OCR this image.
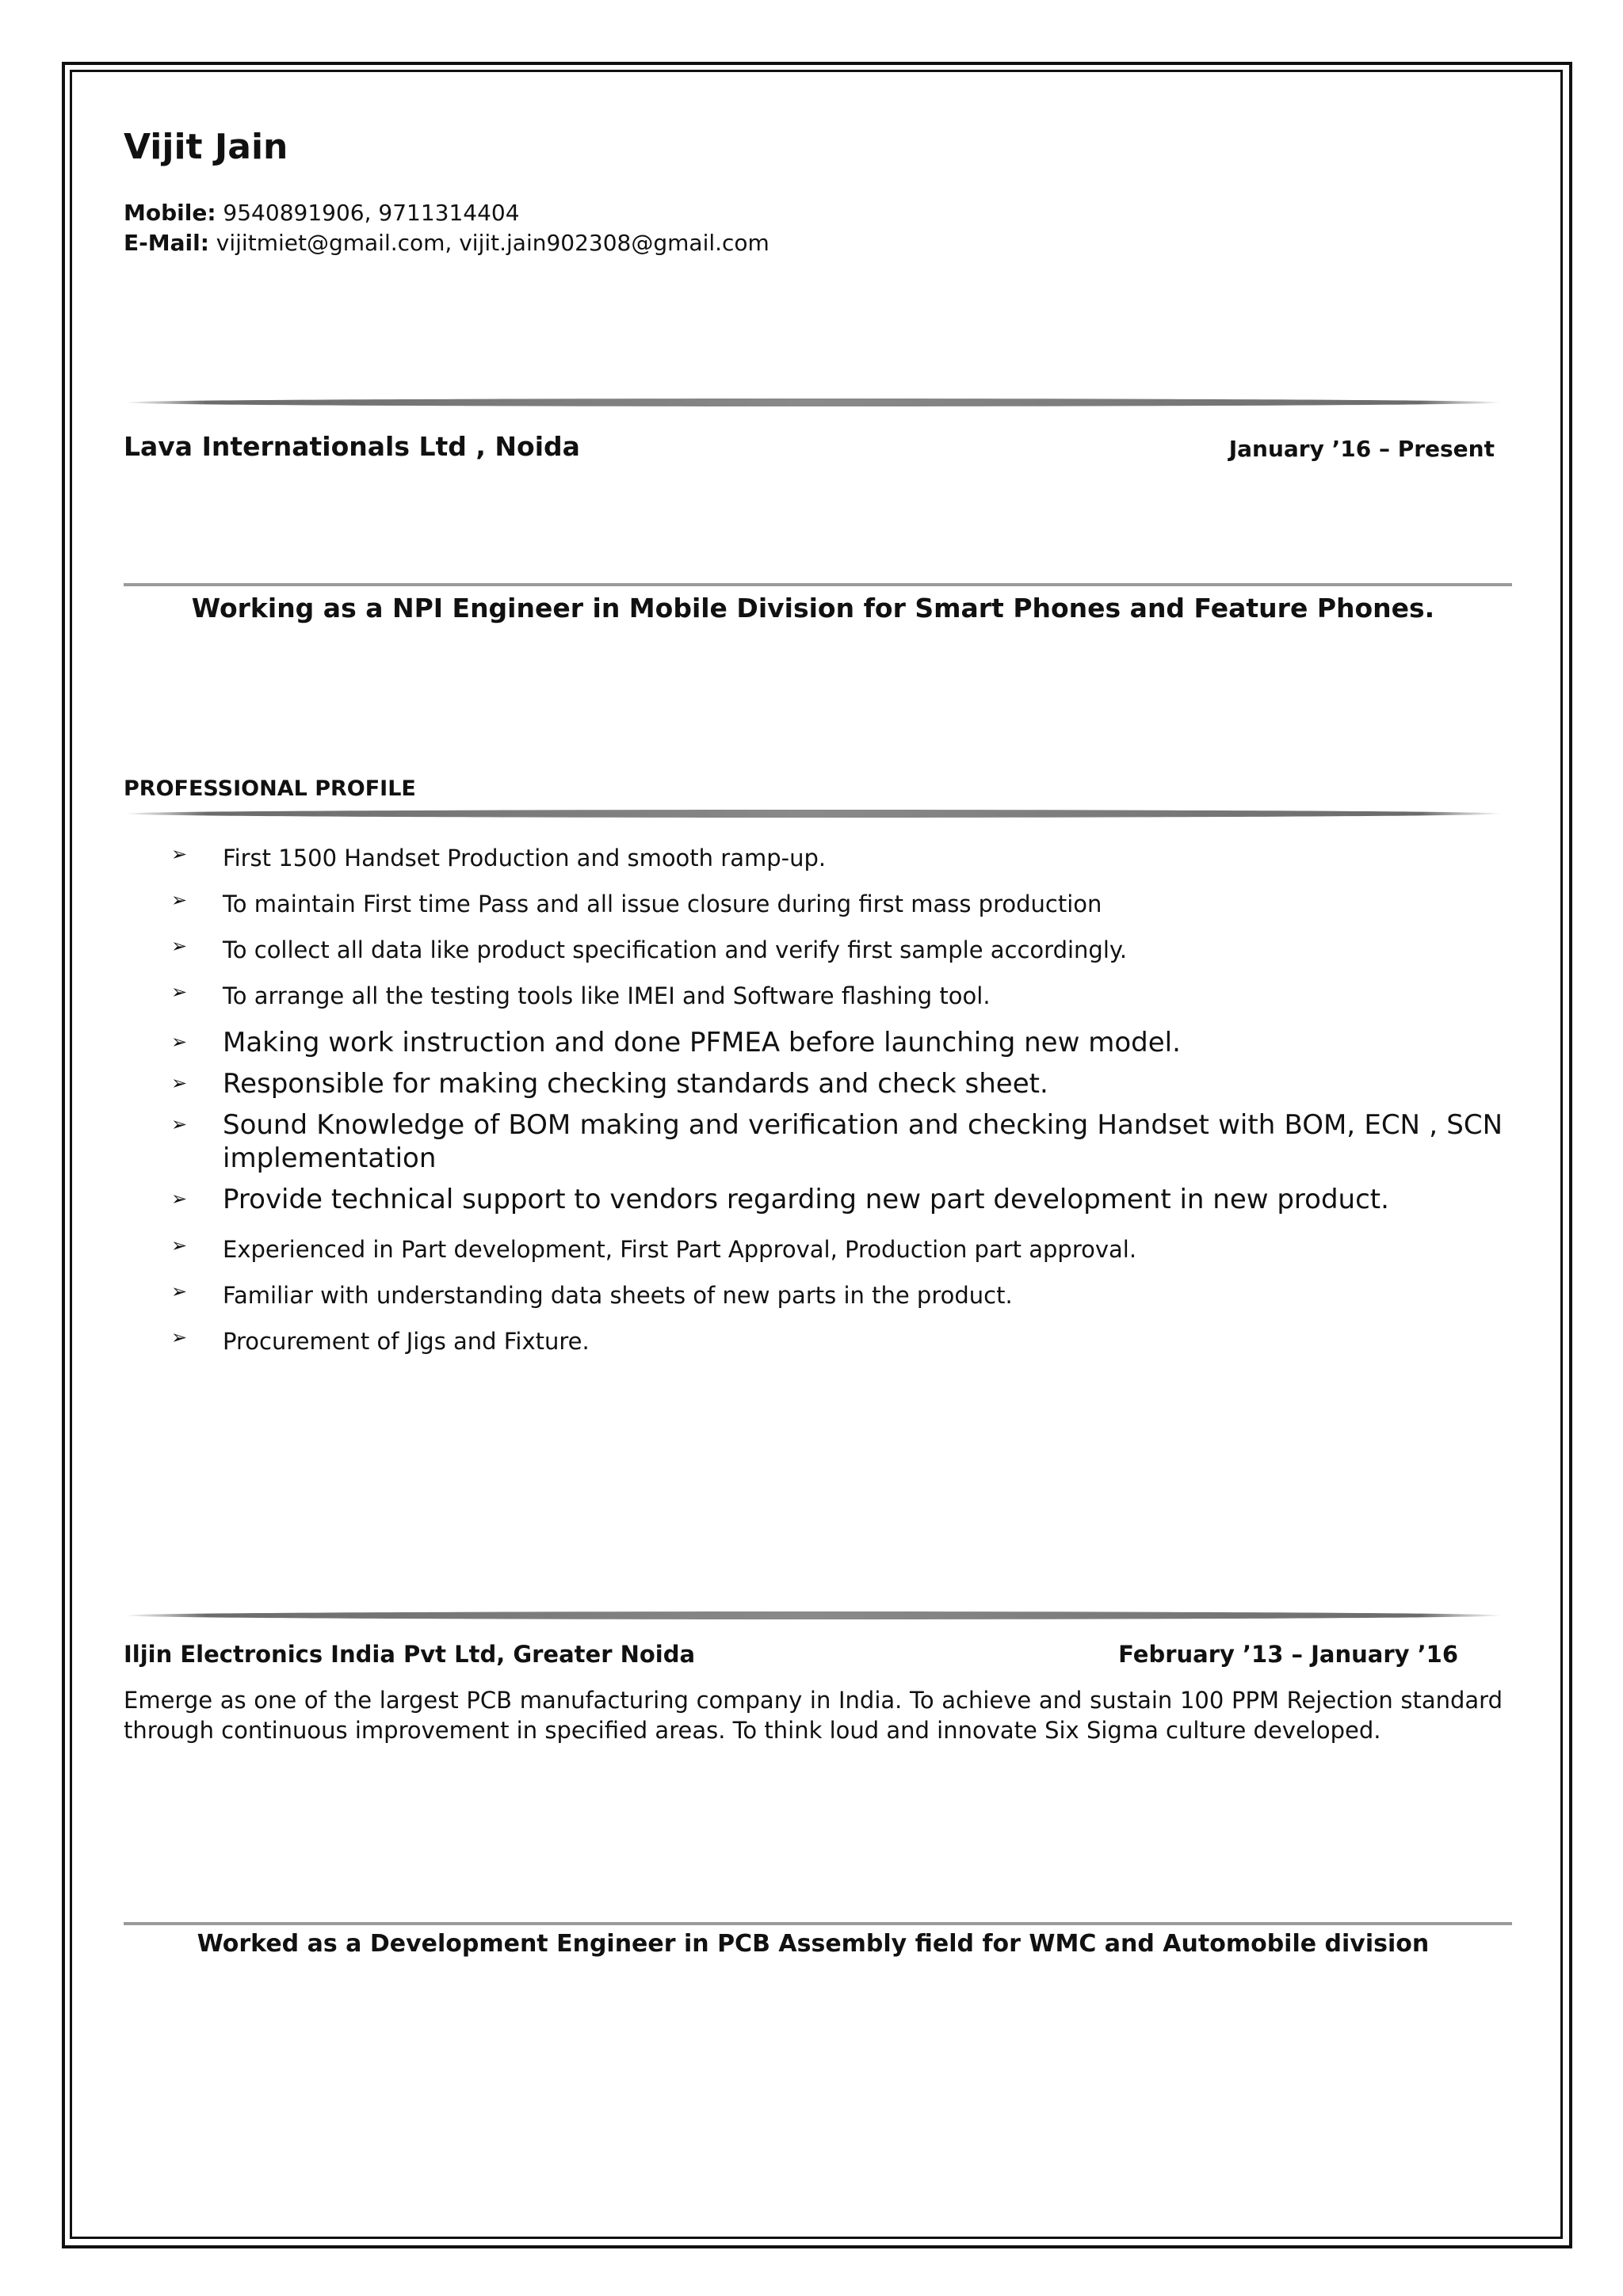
Vijit Jain
Mobile: 9540891906, 9711314404
E-Mail: vijitmiet@gmail.com, vijit.jain902308@gmail.com
Lava Internationals Ltd , Noida	January ’16 – Present
Working as a NPI Engineer in Mobile Division for Smart Phones and Feature Phones.
PROFESSIONAL PROFILE
➢ First 1500 Handset Production and smooth ramp-up.
➢ To maintain First time Pass and all issue closure during first mass production
➢ To collect all data like product specification and verify first sample accordingly.
➢ To arrange all the testing tools like IMEI and Software flashing tool.
➢ Making work instruction and done PFMEA before launching new model.
➢ Responsible for making checking standards and check sheet.
➢ Sound Knowledge of BOM making and verification and checking Handset with BOM, ECN , SCN implementation
➢ Provide technical support to vendors regarding new part development in new product.
➢ Experienced in Part development, First Part Approval, Production part approval.
➢ Familiar with understanding data sheets of new parts in the product.
➢ Procurement of Jigs and Fixture.
Iljin Electronics India Pvt Ltd, Greater Noida	February ’13 – January ’16
Emerge as one of the largest PCB manufacturing company in India. To achieve and sustain 100 PPM Rejection standard through continuous improvement in specified areas. To think loud and innovate Six Sigma culture developed.
Worked as a Development Engineer in PCB Assembly field for WMC and Automobile division
